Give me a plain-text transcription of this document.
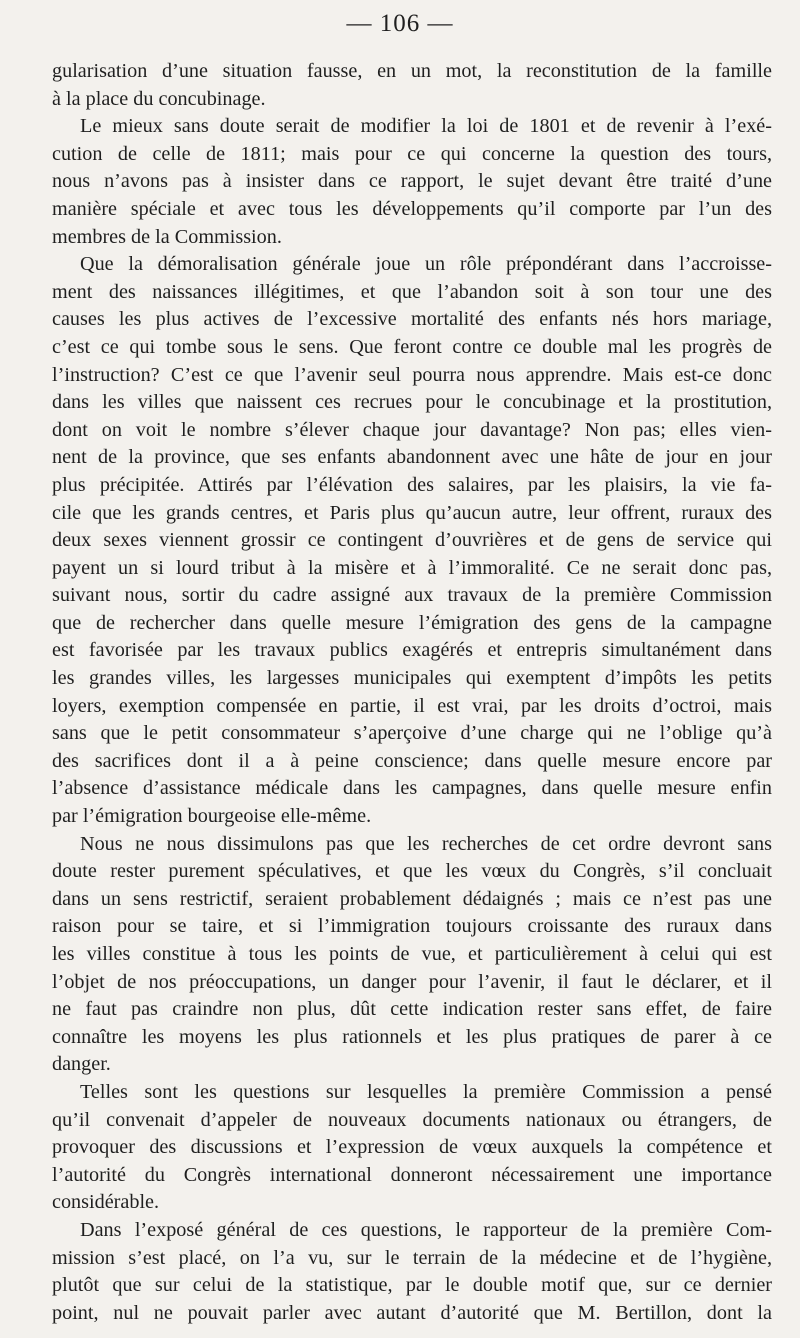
— 106 —
gularisation d’une situation fausse, en un mot, la reconstitution de la famille
à la place du concubinage.
Le mieux sans doute serait de modifier la loi de 1801 et de revenir à l’exé-
cution de celle de 1811; mais pour ce qui concerne la question des tours,
nous n’avons pas à insister dans ce rapport, le sujet devant être traité d’une
manière spéciale et avec tous les développements qu’il comporte par l’un des
membres de la Commission.
Que la démoralisation générale joue un rôle prépondérant dans l’accroisse-
ment des naissances illégitimes, et que l’abandon soit à son tour une des
causes les plus actives de l’excessive mortalité des enfants nés hors mariage,
c’est ce qui tombe sous le sens. Que feront contre ce double mal les progrès de
l’instruction? C’est ce que l’avenir seul pourra nous apprendre. Mais est-ce donc
dans les villes que naissent ces recrues pour le concubinage et la prostitution,
dont on voit le nombre s’élever chaque jour davantage? Non pas; elles vien-
nent de la province, que ses enfants abandonnent avec une hâte de jour en jour
plus précipitée. Attirés par l’élévation des salaires, par les plaisirs, la vie fa-
cile que les grands centres, et Paris plus qu’aucun autre, leur offrent, ruraux des
deux sexes viennent grossir ce contingent d’ouvrières et de gens de service qui
payent un si lourd tribut à la misère et à l’immoralité. Ce ne serait donc pas,
suivant nous, sortir du cadre assigné aux travaux de la première Commission
que de rechercher dans quelle mesure l’émigration des gens de la campagne
est favorisée par les travaux publics exagérés et entrepris simultanément dans
les grandes villes, les largesses municipales qui exemptent d’impôts les petits
loyers, exemption compensée en partie, il est vrai, par les droits d’octroi, mais
sans que le petit consommateur s’aperçoive d’une charge qui ne l’oblige qu’à
des sacrifices dont il a à peine conscience; dans quelle mesure encore par
l’absence d’assistance médicale dans les campagnes, dans quelle mesure enfin
par l’émigration bourgeoise elle-même.
Nous ne nous dissimulons pas que les recherches de cet ordre devront sans
doute rester purement spéculatives, et que les vœux du Congrès, s’il concluait
dans un sens restrictif, seraient probablement dédaignés ; mais ce n’est pas une
raison pour se taire, et si l’immigration toujours croissante des ruraux dans
les villes constitue à tous les points de vue, et particulièrement à celui qui est
l’objet de nos préoccupations, un danger pour l’avenir, il faut le déclarer, et il
ne faut pas craindre non plus, dût cette indication rester sans effet, de faire
connaître les moyens les plus rationnels et les plus pratiques de parer à ce
danger.
Telles sont les questions sur lesquelles la première Commission a pensé
qu’il convenait d’appeler de nouveaux documents nationaux ou étrangers, de
provoquer des discussions et l’expression de vœux auxquels la compétence et
l’autorité du Congrès international donneront nécessairement une importance
considérable.
Dans l’exposé général de ces questions, le rapporteur de la première Com-
mission s’est placé, on l’a vu, sur le terrain de la médecine et de l’hygiène,
plutôt que sur celui de la statistique, par le double motif que, sur ce dernier
point, nul ne pouvait parler avec autant d’autorité que M. Bertillon, dont la
